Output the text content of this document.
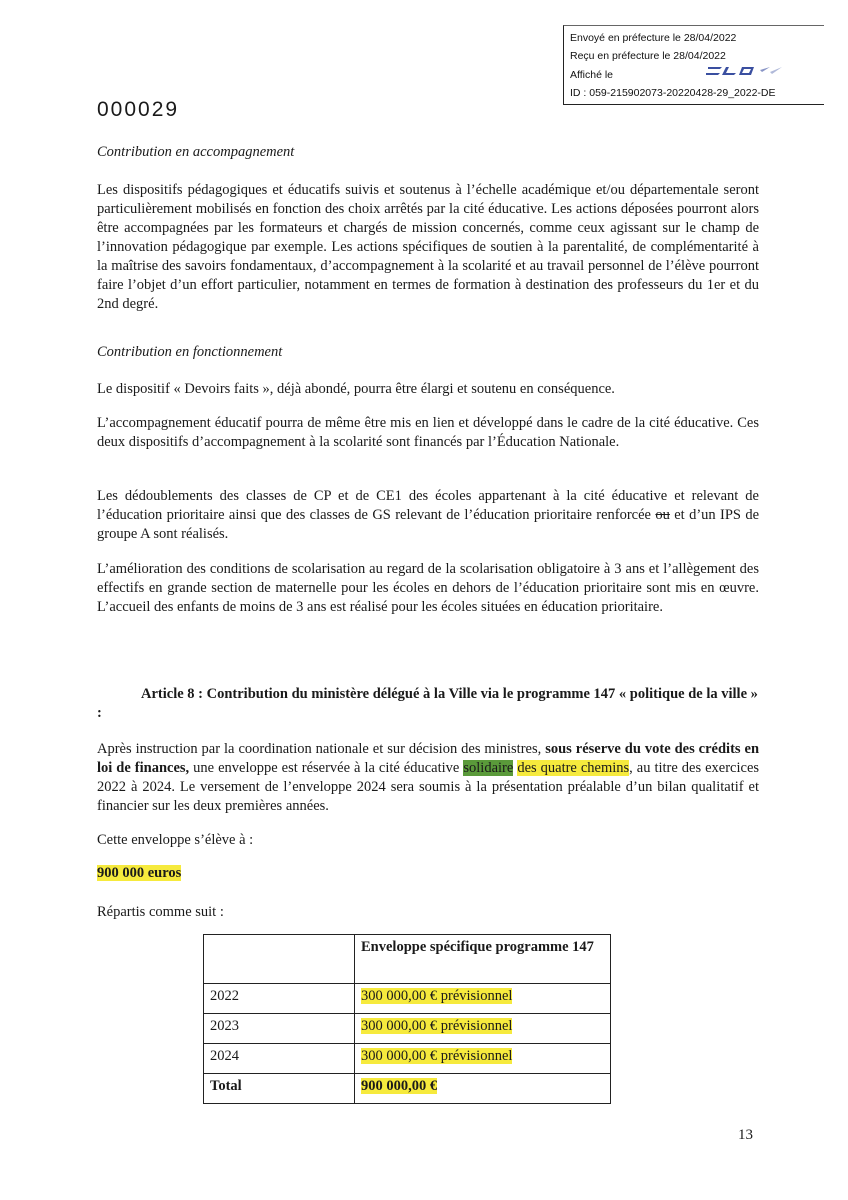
Envoyé en préfecture le 28/04/2022
Reçu en préfecture le 28/04/2022
Affiché le
ID : 059-215902073-20220428-29_2022-DE
000029
Contribution en accompagnement
Les dispositifs pédagogiques et éducatifs suivis et soutenus à l’échelle académique et/ou départementale seront particulièrement mobilisés en fonction des choix arrêtés par la cité éducative. Les actions déposées pourront alors être accompagnées par les formateurs et chargés de mission concernés, comme ceux agissant sur le champ de l’innovation pédagogique par exemple. Les actions spécifiques de soutien à la parentalité, de complémentarité à la maîtrise des savoirs fondamentaux, d’accompagnement à la scolarité et au travail personnel de l’élève pourront faire l’objet d’un effort particulier, notamment en termes de formation à destination des professeurs du 1er et du 2nd degré.
Contribution en fonctionnement
Le dispositif « Devoirs faits », déjà abondé, pourra être élargi et soutenu en conséquence.
L’accompagnement éducatif pourra de même être mis en lien et développé dans le cadre de la cité éducative. Ces deux dispositifs d’accompagnement à la scolarité sont financés par l’Éducation Nationale.
Les dédoublements des classes de CP et de CE1 des écoles appartenant à la cité éducative et relevant de l’éducation prioritaire ainsi que des classes de GS relevant de l’éducation prioritaire renforcée ou et d’un IPS de groupe A sont réalisés.
L’amélioration des conditions de scolarisation au regard de la scolarisation obligatoire à 3 ans et l’allègement des effectifs en grande section de maternelle pour les écoles en dehors de l’éducation prioritaire sont mis en œuvre. L’accueil des enfants de moins de 3 ans est réalisé pour les écoles situées en éducation prioritaire.
Article 8 : Contribution du ministère délégué à la Ville via le programme 147 « politique de la ville » :
Après instruction par la coordination nationale et sur décision des ministres, sous réserve du vote des crédits en loi de finances, une enveloppe est réservée à la cité éducative solidaire des quatre chemins, au titre des exercices 2022 à 2024. Le versement de l’enveloppe 2024 sera soumis à la présentation préalable d’un bilan qualitatif et financier sur les deux premières années.
Cette enveloppe s’élève à :
900 000 euros
Répartis comme suit :
	Enveloppe spécifique programme 147
2022	300 000,00 € prévisionnel
2023	300 000,00 € prévisionnel
2024	300 000,00 € prévisionnel
Total	900 000,00 €
13
